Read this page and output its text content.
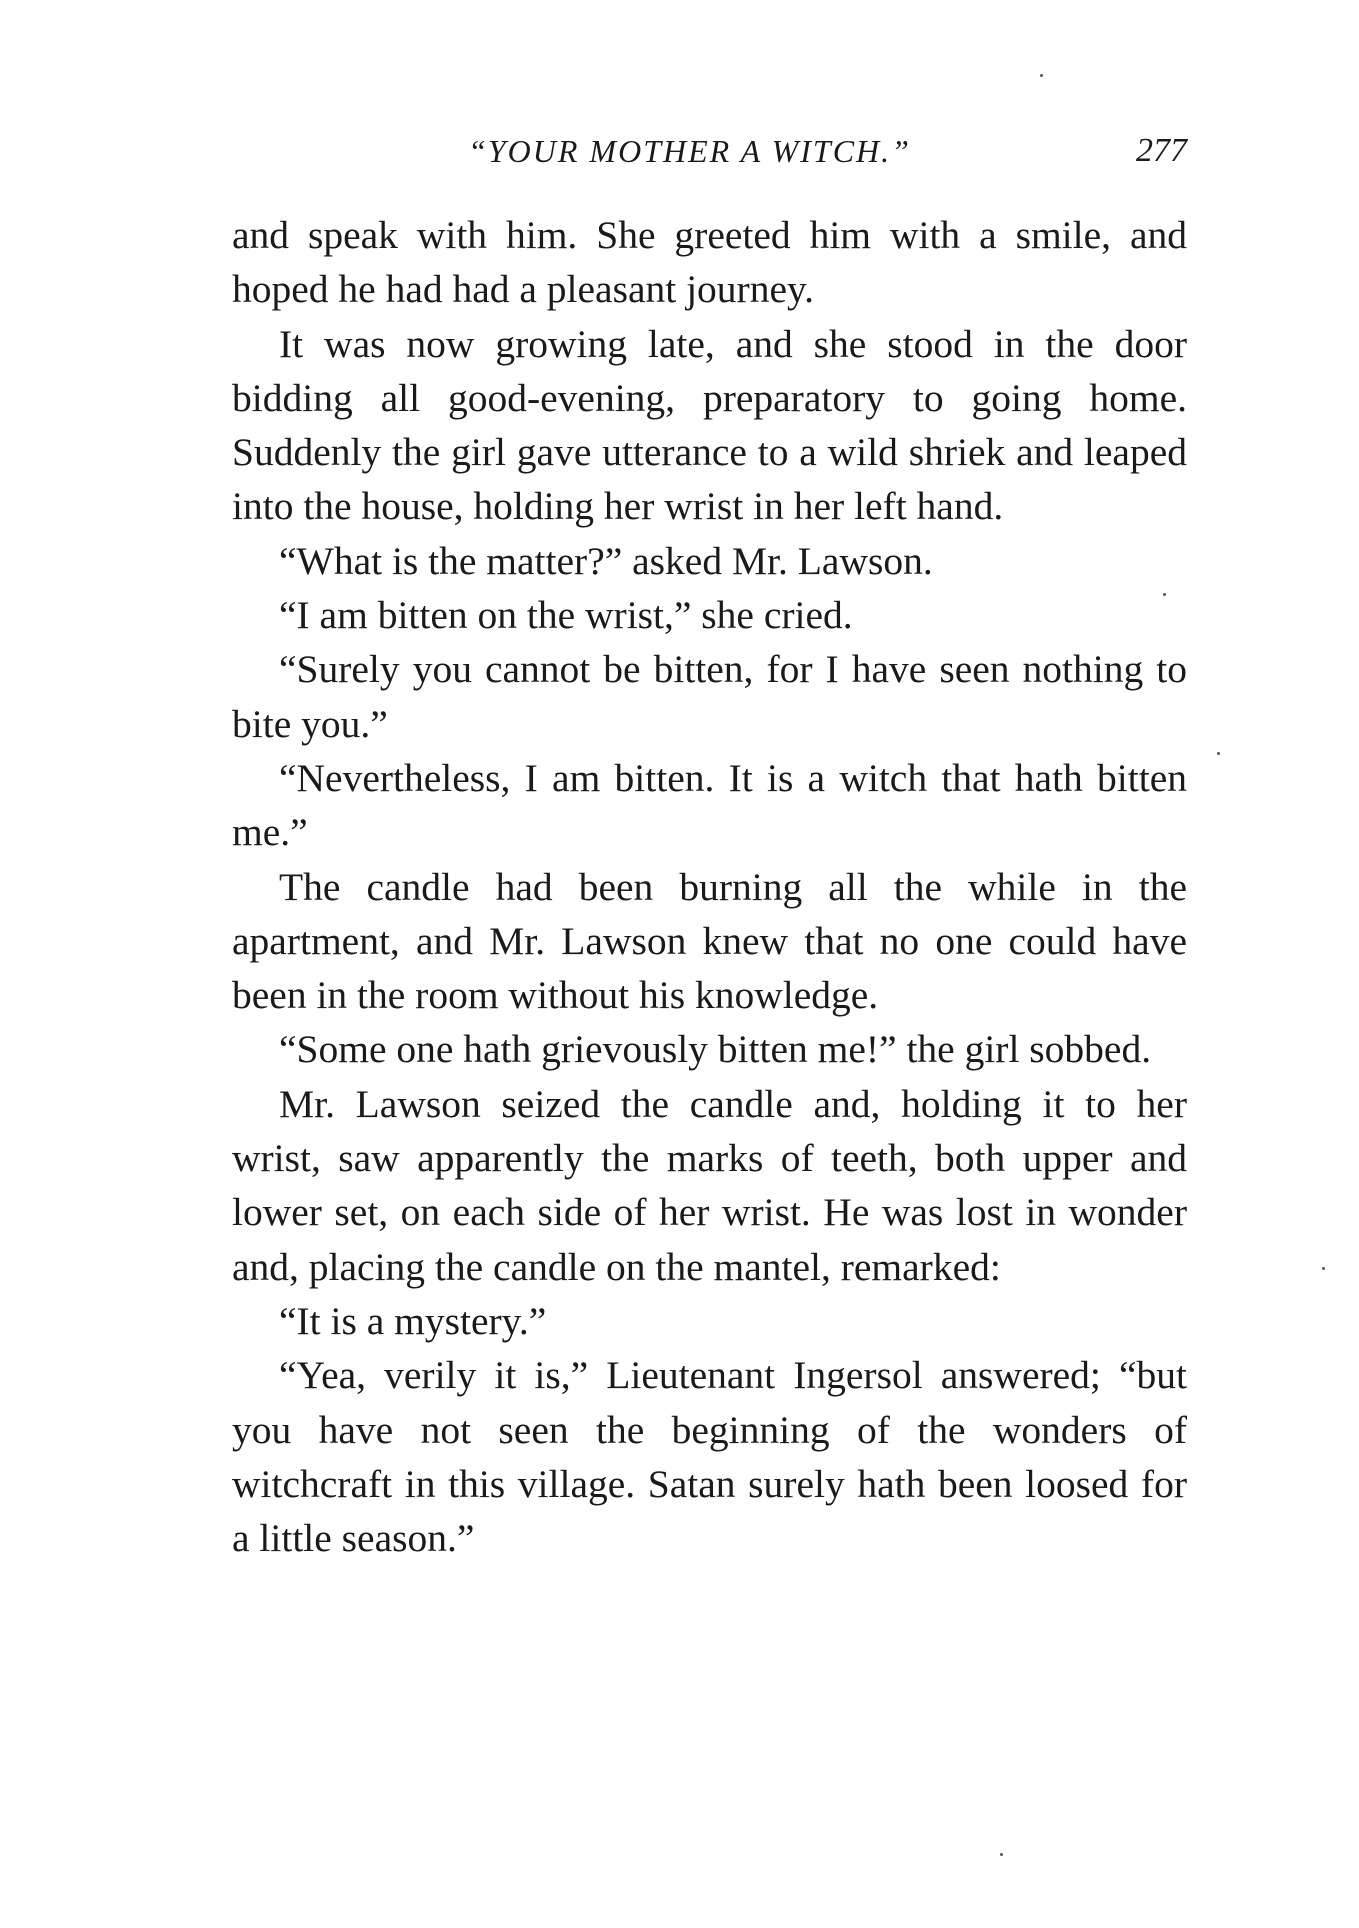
“YOUR MOTHER A WITCH.”	277

and speak with him. She greeted him with a smile, and hoped he had had a pleasant journey.

It was now growing late, and she stood in the door bidding all good-evening, preparatory to going home. Suddenly the girl gave utterance to a wild shriek and leaped into the house, holding her wrist in her left hand.

“What is the matter?” asked Mr. Lawson.

“I am bitten on the wrist,” she cried.

“Surely you cannot be bitten, for I have seen nothing to bite you.”

“Nevertheless, I am bitten. It is a witch that hath bitten me.”

The candle had been burning all the while in the apartment, and Mr. Lawson knew that no one could have been in the room without his knowledge.

“Some one hath grievously bitten me!” the girl sobbed.

Mr. Lawson seized the candle and, holding it to her wrist, saw apparently the marks of teeth, both upper and lower set, on each side of her wrist. He was lost in wonder and, placing the candle on the mantel, remarked:

“It is a mystery.”

“Yea, verily it is,” Lieutenant Ingersol answered; “but you have not seen the beginning of the wonders of witchcraft in this village. Satan surely hath been loosed for a little season.”
